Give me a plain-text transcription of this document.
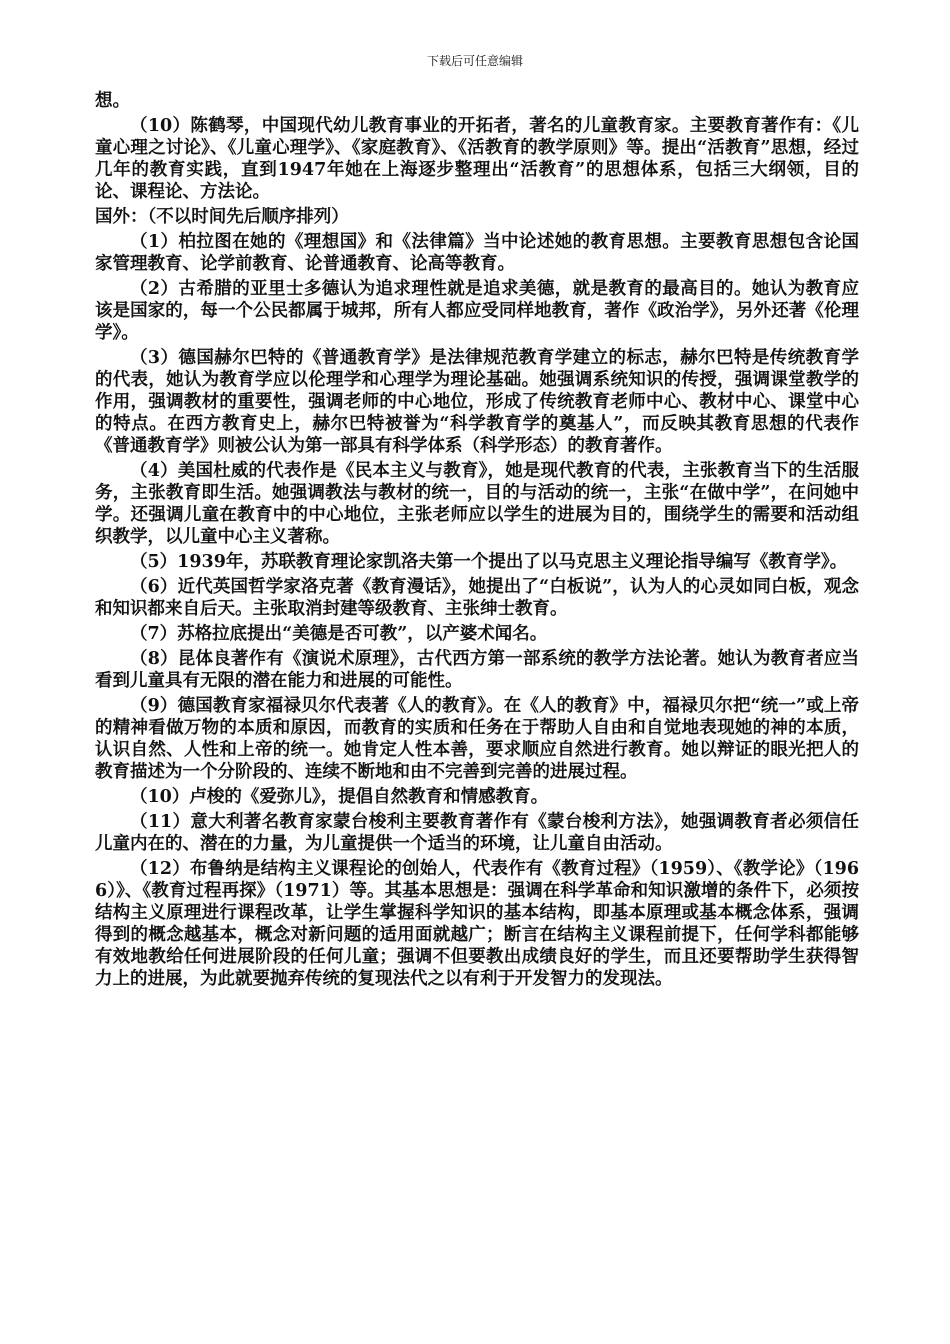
下载后可任意编辑

想。

（10）陈鹤琴，中国现代幼儿教育事业的开拓者，著名的儿童教育家。主要教育著作有：《儿童心理之讨论》、《儿童心理学》、《家庭教育》、《活教育的教学原则》等。提出“活教育”思想，经过几年的教育实践，直到1947年她在上海逐步整理出“活教育”的思想体系，包括三大纲领，目的论、课程论、方法论。

国外：（不以时间先后顺序排列）

（1）柏拉图在她的《理想国》和《法律篇》当中论述她的教育思想。主要教育思想包含论国家管理教育、论学前教育、论普通教育、论高等教育。

（2）古希腊的亚里士多德认为追求理性就是追求美德，就是教育的最高目的。她认为教育应该是国家的，每一个公民都属于城邦，所有人都应受同样地教育，著作《政治学》，另外还著《伦理学》。

（3）德国赫尔巴特的《普通教育学》是法律规范教育学建立的标志，赫尔巴特是传统教育学的代表，她认为教育学应以伦理学和心理学为理论基础。她强调系统知识的传授，强调课堂教学的作用，强调教材的重要性，强调老师的中心地位，形成了传统教育老师中心、教材中心、课堂中心的特点。在西方教育史上，赫尔巴特被誉为“科学教育学的奠基人”，而反映其教育思想的代表作《普通教育学》则被公认为第一部具有科学体系（科学形态）的教育著作。

（4）美国杜威的代表作是《民本主义与教育》，她是现代教育的代表，主张教育当下的生活服务，主张教育即生活。她强调教法与教材的统一，目的与活动的统一，主张“在做中学”，在问她中学。还强调儿童在教育中的中心地位，主张老师应以学生的进展为目的，围绕学生的需要和活动组织教学，以儿童中心主义著称。

（5）1939年，苏联教育理论家凯洛夫第一个提出了以马克思主义理论指导编写《教育学》。

（6）近代英国哲学家洛克著《教育漫话》，她提出了“白板说”，认为人的心灵如同白板，观念和知识都来自后天。主张取消封建等级教育、主张绅士教育。

（7）苏格拉底提出“美德是否可教”，以产婆术闻名。

（8）昆体良著作有《演说术原理》，古代西方第一部系统的教学方法论著。她认为教育者应当看到儿童具有无限的潜在能力和进展的可能性。

（9）德国教育家福禄贝尔代表著《人的教育》。在《人的教育》中，福禄贝尔把“统一”或上帝的精神看做万物的本质和原因，而教育的实质和任务在于帮助人自由和自觉地表现她的神的本质，认识自然、人性和上帝的统一。她肯定人性本善，要求顺应自然进行教育。她以辩证的眼光把人的教育描述为一个分阶段的、连续不断地和由不完善到完善的进展过程。

（10）卢梭的《爱弥儿》，提倡自然教育和情感教育。

（11）意大利著名教育家蒙台梭利主要教育著作有《蒙台梭利方法》，她强调教育者必须信任儿童内在的、潜在的力量，为儿童提供一个适当的环境，让儿童自由活动。

（12）布鲁纳是结构主义课程论的创始人，代表作有《教育过程》（1959）、《教学论》（1966）》、《教育过程再探》（1971）等。其基本思想是：强调在科学革命和知识激增的条件下，必须按结构主义原理进行课程改革，让学生掌握科学知识的基本结构，即基本原理或基本概念体系，强调得到的概念越基本，概念对新问题的适用面就越广；断言在结构主义课程前提下，任何学科都能够有效地教给任何进展阶段的任何儿童；强调不但要教出成绩良好的学生，而且还要帮助学生获得智力上的进展，为此就要抛弃传统的复现法代之以有利于开发智力的发现法。
